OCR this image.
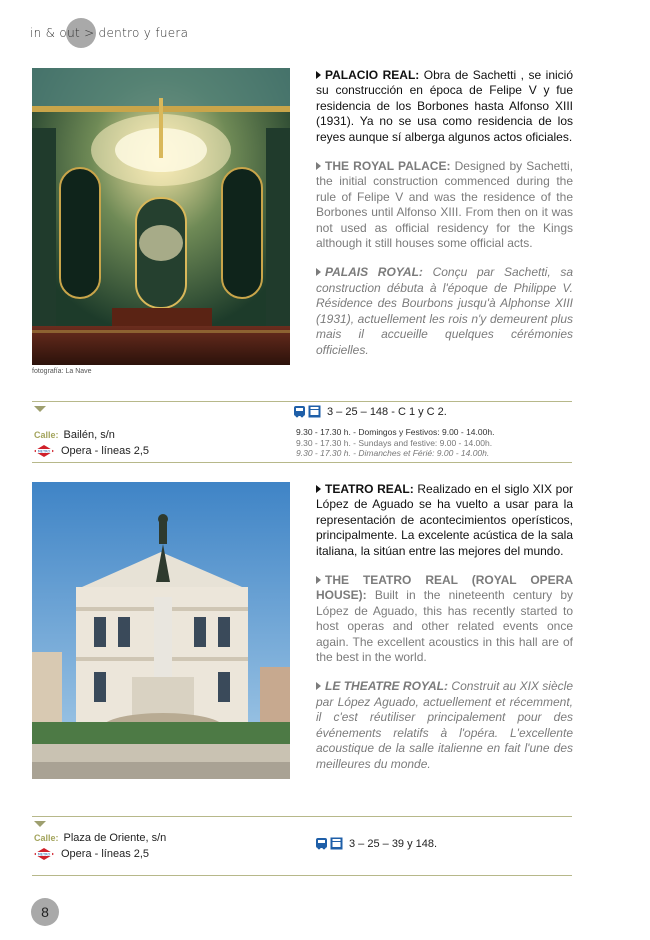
in & out > dentro y fuera
fotografía: La Nave

PALACIO REAL: Obra de Sachetti , se inició su construcción en época de Felipe V y fue residencia de los Borbones hasta Alfonso XIII (1931). Ya no se usa como residencia de los reyes aunque sí alberga algunos actos oficiales.

THE ROYAL PALACE: Designed by Sachetti, the initial construction commenced during the rule of Felipe V and was the residence of the Borbones until Alfonso XIII. From then on it was not used as official residency for the Kings although it still houses some official acts.

PALAIS ROYAL: Conçu par Sachetti, sa construction débuta à l'époque de Philippe V. Résidence des Bourbons jusqu'à Alphonse XIII (1931), actuellement les rois n'y demeurent plus mais il accueille quelques cérémonies officielles.

Calle: Bailén, s/n
METRO Opera - líneas 2,5
3 – 25 – 148 - C 1 y C 2.
9.30 - 17.30 h. - Domingos y Festivos: 9.00 - 14.00h.
9.30 - 17.30 h. - Sundays and festive: 9.00 - 14.00h.
9.30 - 17.30 h. - Dimanches et Férié: 9.00 - 14.00h.

TEATRO REAL: Realizado en el siglo XIX por López de Aguado se ha vuelto a usar para la representación de acontecimientos operísticos, principalmente. La excelente acústica de la sala italiana, la sitúan entre las mejores del mundo.

THE TEATRO REAL (ROYAL OPERA HOUSE): Built in the nineteenth century by López de Aguado, this has recently started to host operas and other related events once again. The excellent acoustics in this hall are of the best in the world.

LE THEATRE ROYAL: Construit au XIX siècle par López Aguado, actuellement et récemment, il c'est réutiliser principalement pour des événements relatifs à l'opéra. L'excellente acoustique de la salle italienne en fait l'une des meilleures du monde.

Calle: Plaza de Oriente, s/n
METRO Opera - líneas 2,5
3 – 25 – 39 y 148.
8
